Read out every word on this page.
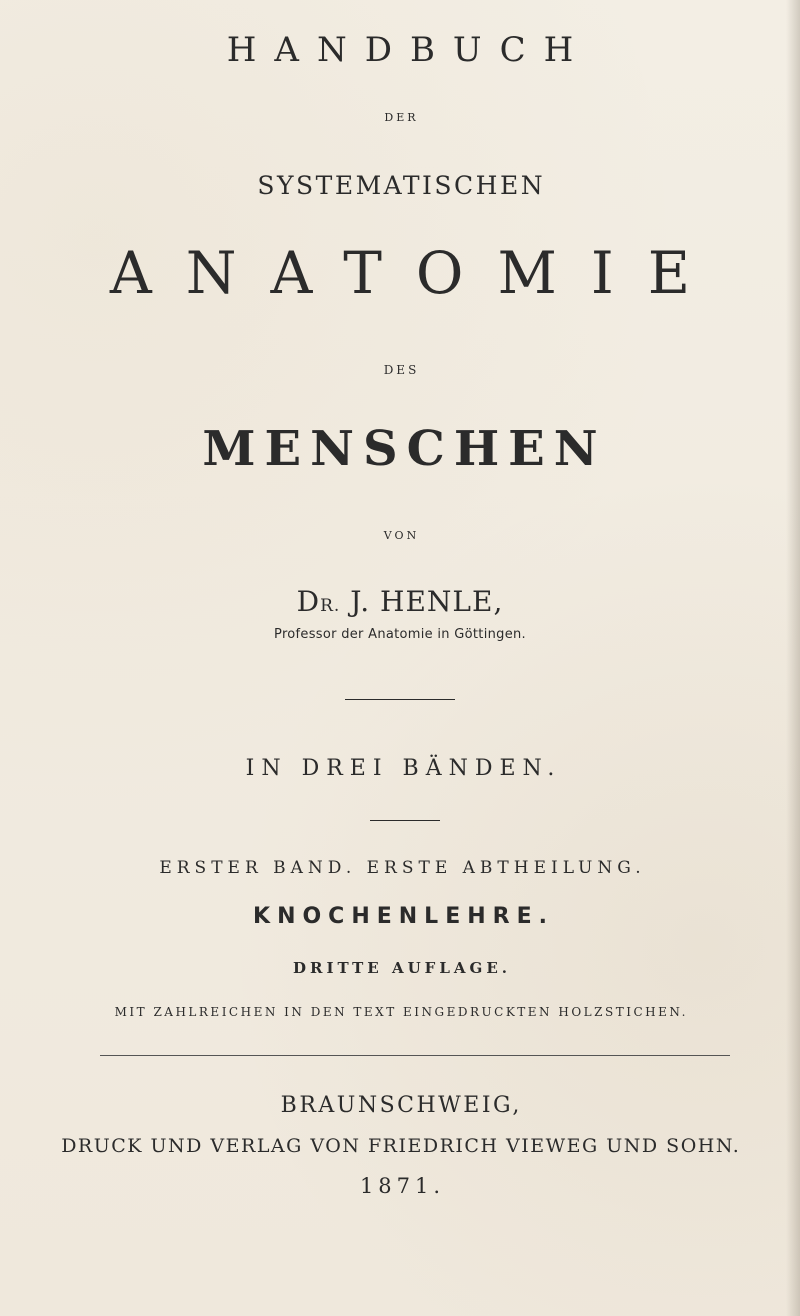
HANDBUCH
DER
SYSTEMATISCHEN
ANATOMIE
DES
MENSCHEN
VON
DR. J. HENLE,
Professor der Anatomie in Göttingen.
IN DREI BÄNDEN.
ERSTER BAND. ERSTE ABTHEILUNG.
KNOCHENLEHRE.
DRITTE AUFLAGE.
MIT ZAHLREICHEN IN DEN TEXT EINGEDRUCKTEN HOLZSTICHEN.
BRAUNSCHWEIG,
DRUCK UND VERLAG VON FRIEDRICH VIEWEG UND SOHN.
1871.
